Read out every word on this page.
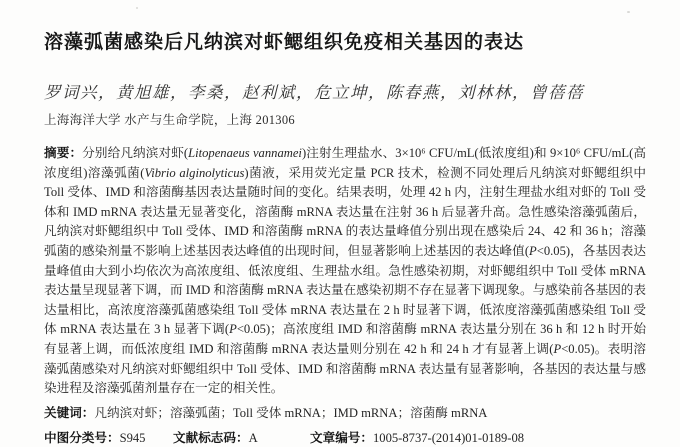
溶藻弧菌感染后凡纳滨对虾鳃组织免疫相关基因的表达

罗词兴，黄旭雄，李桑，赵利斌，危立坤，陈春燕，刘林林，曾蓓蓓

上海海洋大学 水产与生命学院，上海 201306

摘要：分别给凡纳滨对虾(Litopenaeus vannamei)注射生理盐水、3×10⁶ CFU/mL(低浓度组)和 9×10⁶ CFU/mL(高浓度组)溶藻弧菌(Vibrio alginolyticus)菌液，采用荧光定量 PCR 技术，检测不同处理后凡纳滨对虾鳃组织中 Toll 受体、IMD 和溶菌酶基因表达量随时间的变化。结果表明，处理 42 h 内，注射生理盐水组对虾的 Toll 受体和 IMD mRNA 表达量无显著变化，溶菌酶 mRNA 表达量在注射 36 h 后显著升高。急性感染溶藻弧菌后，凡纳滨对虾鳃组织中 Toll 受体、IMD 和溶菌酶 mRNA 的表达量峰值分别出现在感染后 24、42 和 36 h；溶藻弧菌的感染剂量不影响上述基因表达峰值的出现时间，但显著影响上述基因的表达峰值(P<0.05)，各基因表达量峰值由大到小均依次为高浓度组、低浓度组、生理盐水组。急性感染初期，对虾鳃组织中 Toll 受体 mRNA 表达量呈现显著下调，而 IMD 和溶菌酶 mRNA 表达量在感染初期不存在显著下调现象。与感染前各基因的表达量相比，高浓度溶藻弧菌感染组 Toll 受体 mRNA 表达量在 2 h 时显著下调，低浓度溶藻弧菌感染组 Toll 受体 mRNA 表达量在 3 h 显著下调(P<0.05)；高浓度组 IMD 和溶菌酶 mRNA 表达量分别在 36 h 和 12 h 时开始有显著上调，而低浓度组 IMD 和溶菌酶 mRNA 表达量则分别在 42 h 和 24 h 才有显著上调(P<0.05)。表明溶藻弧菌感染对凡纳滨对虾鳃组织中 Toll 受体、IMD 和溶菌酶 mRNA 表达量有显著影响，各基因的表达量与感染进程及溶藻弧菌剂量存在一定的相关性。

关键词：凡纳滨对虾；溶藻弧菌；Toll 受体 mRNA；IMD mRNA；溶菌酶 mRNA

中图分类号：S945	文献标志码：A	文章编号：1005-8737-(2014)01-0189-08
